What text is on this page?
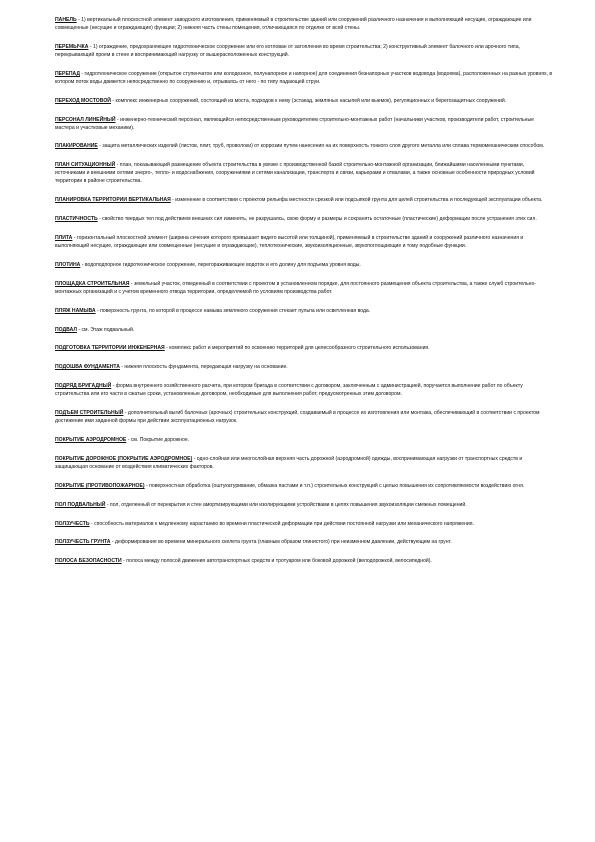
ПАНЕЛЬ - 1) вертикальный плоскостной элемент заводского изготовления, применяемый в строительстве зданий или сооружений различного назначения и выполняющий несущие, ограждающие или совмещенные (несущие и ограждающие) функции; 2) нижняя часть стены помещения, отличающаяся по отделке от всей стены.

ПЕРЕМЫЧКА - 1) ограждение, предохраняющее гидротехническое сооружение или его котлован от затопления во время строительства; 2) конструктивный элемент балочного или арочного типа, перекрывающий проем в стене и воспринимающий нагрузку от вышерасположенных конструкций.

ПЕРЕПАД - гидротехническое сооружение (открытое ступенчатое или колодезное, полунапорное и напорное) для соединения безнапорных участков водовода (водоема), расположенных на разных уровнях, в котором поток воды движется непосредственно по сооружению и, отрываясь от него - по типу падающей струи.

ПЕРЕХОД МОСТОВОЙ - комплекс инженерных сооружений, состоящий из моста, подходов к нему (эстакад, земляных насыпей или выемок), регуляционных и берегозащитных сооружений.

ПЕРСОНАЛ ЛИНЕЙНЫЙ - инженерно-технический персонал, являющийся непосредственным руководителем строительно-монтажных работ (начальники участков, производители работ, строительные мастера и участковые механики).

ПЛАКИРОВАНИЕ - защита металлических изделий (листов, плит, труб, проволоки) от коррозии путем нанесения на их поверхность тонкого слоя другого металла или сплава термомеханическим способом.

ПЛАН СИТУАЦИОННЫЙ - план, показывающий размещение объекта строительства в увязке с производственной базой строительно-монтажной организации, ближайшими населенными пунктами, источниками и внешними сетями энерго-, тепло- и водоснабжения, сооружениями и сетями канализации, транспорта и связи, карьерами и отвалами, а также основные особенности природных условий территории в районе строительства.

ПЛАНИРОВКА ТЕРРИТОРИИ ВЕРТИКАЛЬНАЯ - изменение в соответствии с проектом рельефа местности срезкой или подсыпкой грунта для целей строительства и последующей эксплуатации объекта.

ПЛАСТИЧНОСТЬ - свойство твердых тел под действием внешних сил изменять, не разрушаясь, свою форму и размеры и сохранять остаточные (пластические) деформации после устранения этих сил.

ПЛИТА - горизонтальный плоскостной элемент (ширина сечения которого превышает видего высотой или толщиной), применяемый в строительстве зданий и сооружений различного назначения и выполняющий несущие, ограждающие или совмещенные (несущие и ограждающие), теплотехнические, звукоизоляционные, звукопоглощающие и тому подобные функции.

ПЛОТИНА - водоподпорное гидротехническое сооружение, перегораживающее водоток и его долину для подъема уровня воды.

ПЛОЩАДКА СТРОИТЕЛЬНАЯ - земельный участок, отведенный в соответствии с проектом в установленном порядке, для постоянного размещения объекта строительства, а также служб строительно-монтажных организаций и с учетом временного отвода территории, определяемой по условиям производства работ.

ПЛЯЖ НАМЫВА - поверхность грунта, по которой в процессе намыва земляного сооружения стекает пульпа или осветленная вода.

ПОДВАЛ - см. Этаж подвальный.

ПОДГОТОВКА ТЕРРИТОРИИ ИНЖЕНЕРНАЯ - комплекс работ и мероприятий по освоению территорий для целесообразного строительного использования.

ПОДОШВА ФУНДАМЕНТА - нижняя плоскость фундамента, передающая нагрузку на основание.

ПОДРЯД БРИГАДНЫЙ - форма внутреннего хозяйственного расчета, при котором бригада в соответствии с договором, заключенным с администрацией, поручается выполнение работ по объекту строительства или его части в сжатые сроки, установленные договором, необходимые для выполнения работ, предусмотренных этим договором.

ПОДЪЕМ СТРОИТЕЛЬНЫЙ - дополнительный выгиб балочных (арочных) строительных конструкций, создаваемый в процессе их изготовления или монтажа, обеспечивающий в соответствии с проектом достижение ими заданной формы при действии эксплуатационных нагрузок.

ПОКРЫТИЕ АЭРОДРОМНОЕ - см. Покрытие дорожное.

ПОКРЫТИЕ ДОРОЖНОЕ (ПОКРЫТИЕ АЭРОДРОМНОЕ) - одно-слойная или многослойная верхняя часть дорожной (аэродромной) одежды, воспринимающая нагрузки от транспортных средств и защищающая основание от воздействия климатических факторов.

ПОКРЫТИЕ (ПРОТИВОПОЖАРНОЕ) - поверхностная обработка (оштукатуривание, обмазка пастами и т.п.) строительных конструкций с целью повышения их сопротивляемости воздействию огня.

ПОЛ ПОДВАЛЬНЫЙ - пол, отделенный от перекрытия и стен амортизирующими или изолирующими устройствами в целях повышения звукоизоляции смежных помещений.

ПОЛЗУЧЕСТЬ - способность материалов к медленному нарастанию во времени пластической деформации при действии постоянной нагрузки или механического напряжения.

ПОЛЗУЧЕСТЬ ГРУНТА - деформирование во времени минерального скелета грунта (главным образом глинистого) при неизменном давлении, действующем на грунт.

ПОЛОСА БЕЗОПАСНОСТИ - полоса между полосой движения автотранспортных средств и тротуаром или боковой дорожкой (велодорожкой, велосипедной).
